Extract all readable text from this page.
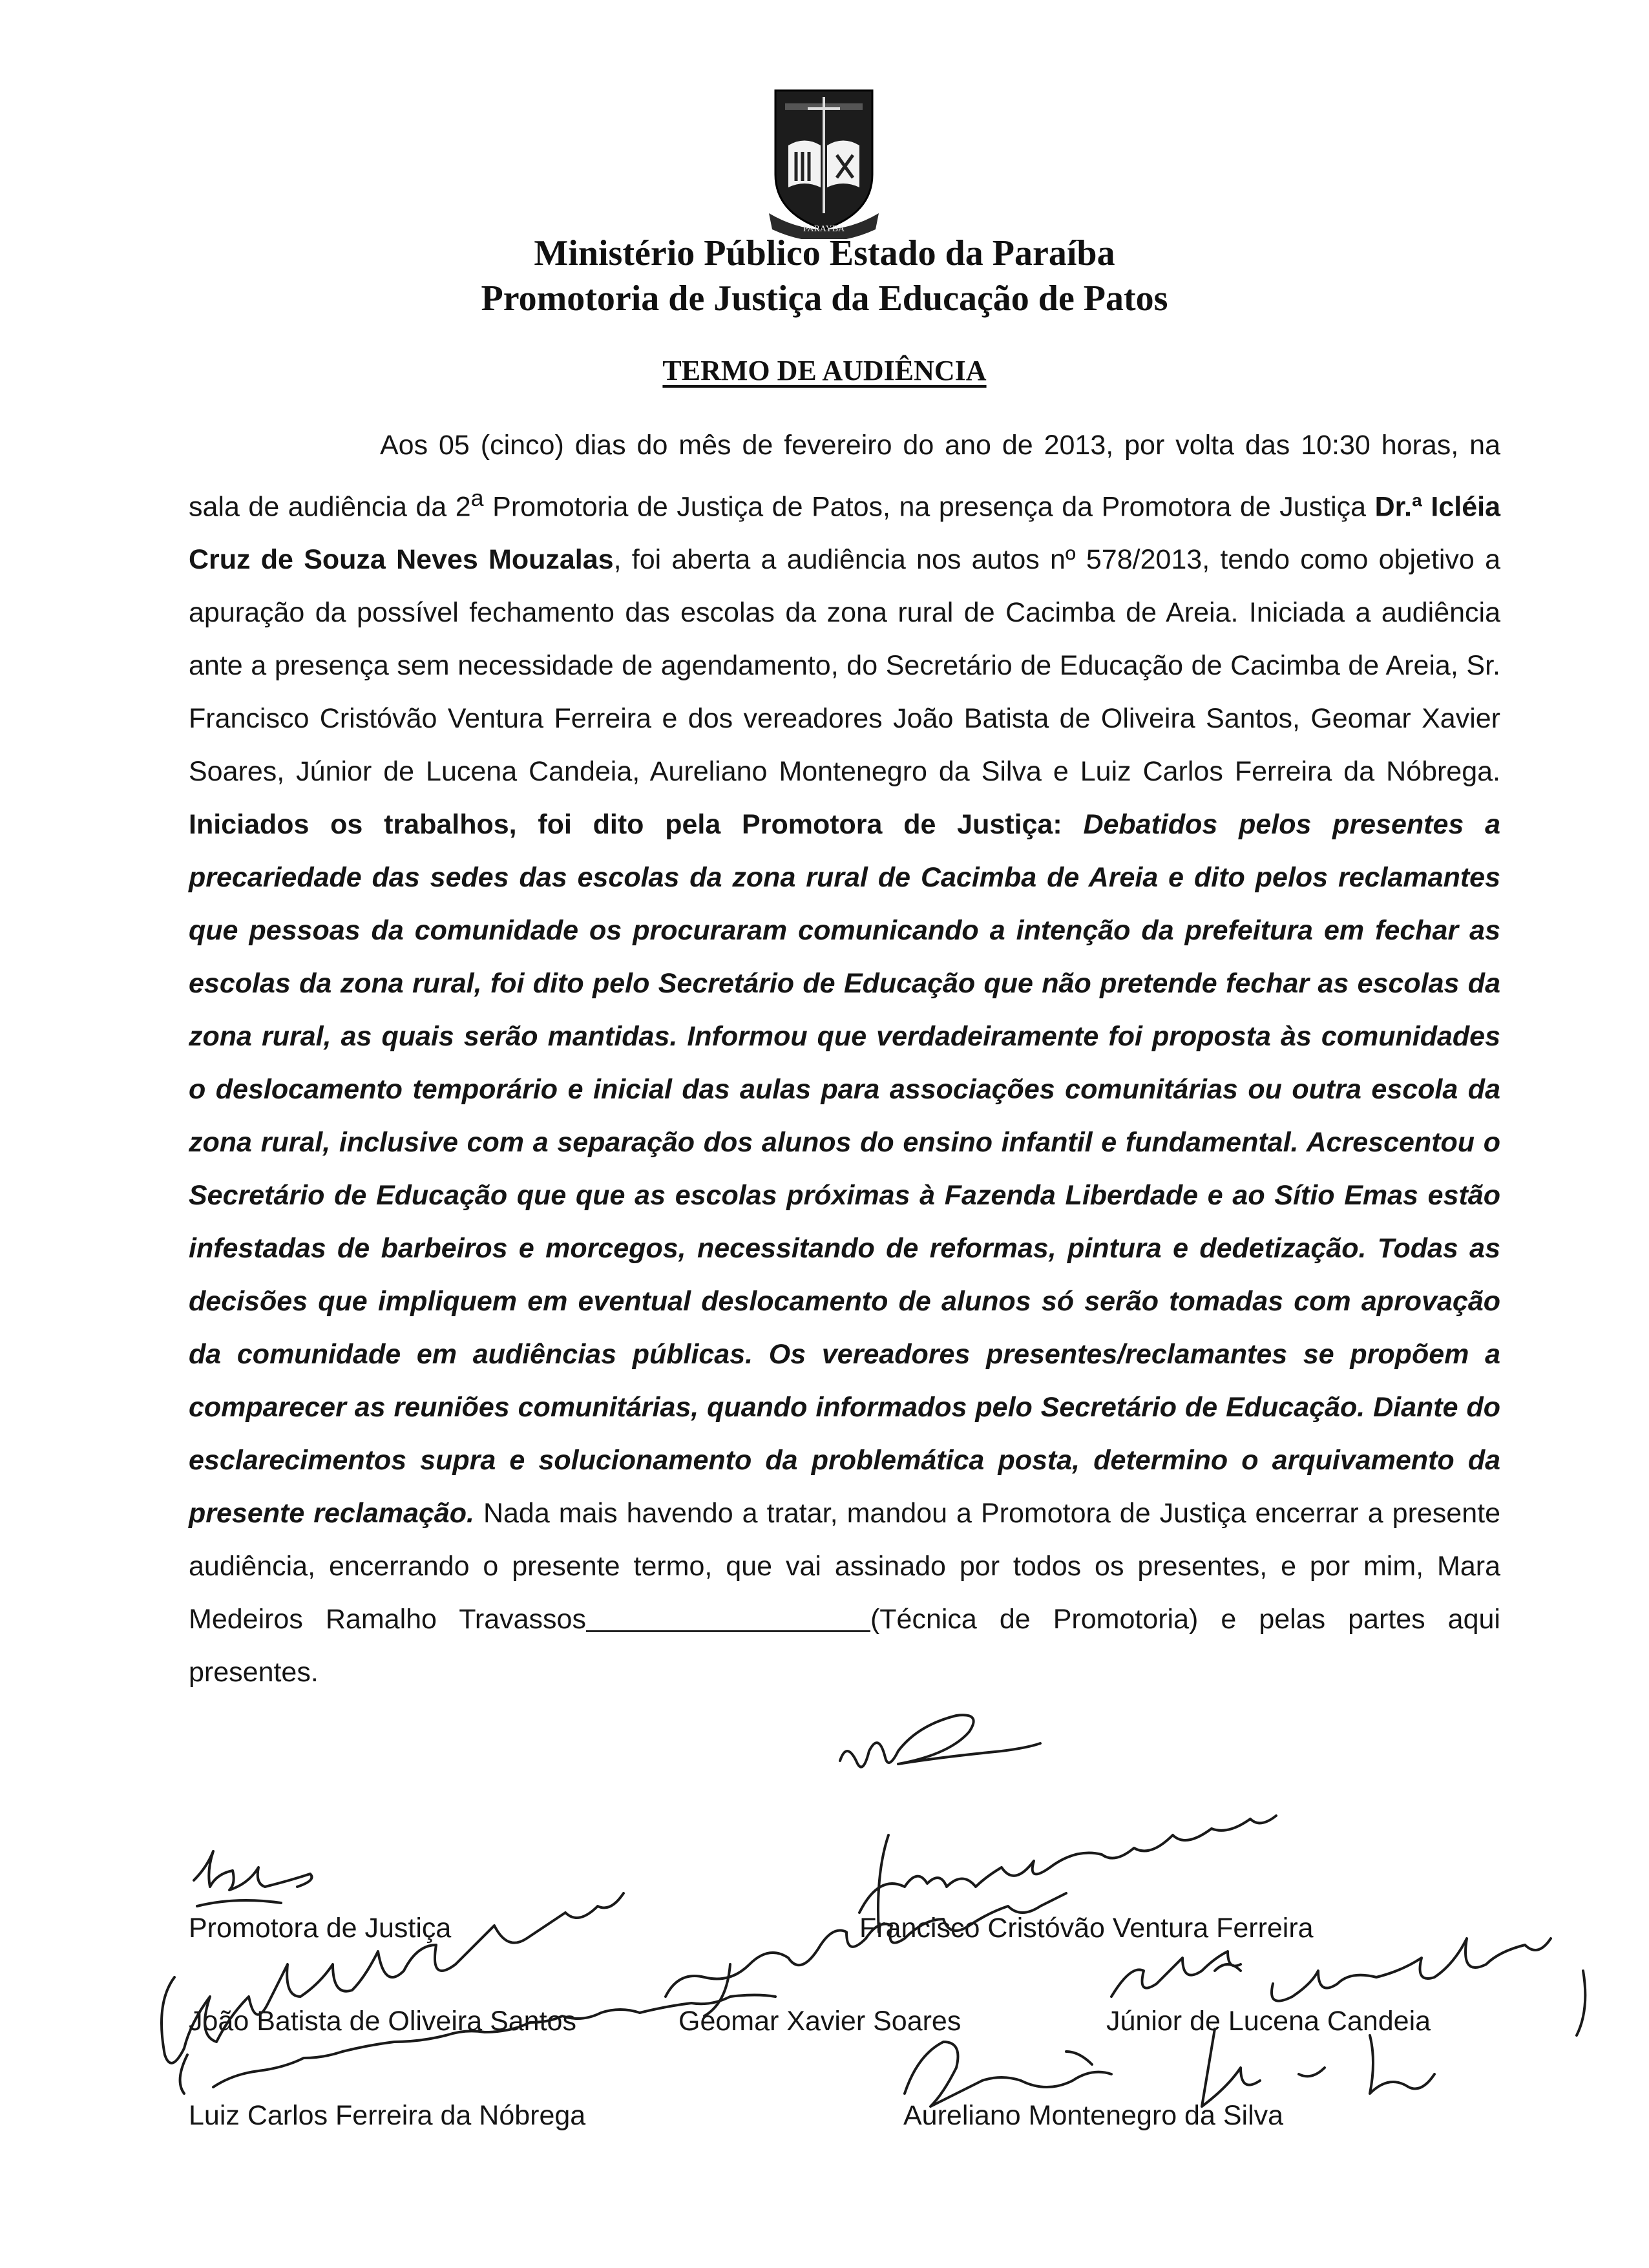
PARAYBA
Ministério Público Estado da Paraíba
Promotoria de Justiça da Educação de Patos
TERMO DE AUDIÊNCIA

Aos 05 (cinco) dias do mês de fevereiro do ano de 2013, por volta das 10:30 horas, na sala de audiência da 2$^a$ Promotoria de Justiça de Patos, na presença da Promotora de Justiça Dr.ª Icléia Cruz de Souza Neves Mouzalas, foi aberta a audiência nos autos nº 578/2013, tendo como objetivo a apuração da possível fechamento das escolas da zona rural de Cacimba de Areia. Iniciada a audiência ante a presença sem necessidade de agendamento, do Secretário de Educação de Cacimba de Areia, Sr. Francisco Cristóvão Ventura Ferreira e dos vereadores João Batista de Oliveira Santos, Geomar Xavier Soares, Júnior de Lucena Candeia, Aureliano Montenegro da Silva e Luiz Carlos Ferreira da Nóbrega. Iniciados os trabalhos, foi dito pela Promotora de Justiça: Debatidos pelos presentes a precariedade das sedes das escolas da zona rural de Cacimba de Areia e dito pelos reclamantes que pessoas da comunidade os procuraram comunicando a intenção da prefeitura em fechar as escolas da zona rural, foi dito pelo Secretário de Educação que não pretende fechar as escolas da zona rural, as quais serão mantidas. Informou que verdadeiramente foi proposta às comunidades o deslocamento temporário e inicial das aulas para associações comunitárias ou outra escola da zona rural, inclusive com a separação dos alunos do ensino infantil e fundamental. Acrescentou o Secretário de Educação que que as escolas próximas à Fazenda Liberdade e ao Sítio Emas estão infestadas de barbeiros e morcegos, necessitando de reformas, pintura e dedetização. Todas as decisões que impliquem em eventual deslocamento de alunos só serão tomadas com aprovação da comunidade em audiências públicas. Os vereadores presentes/reclamantes se propõem a comparecer as reuniões comunitárias, quando informados pelo Secretário de Educação. Diante do esclarecimentos supra e solucionamento da problemática posta, determino o arquivamento da presente reclamação. Nada mais havendo a tratar, mandou a Promotora de Justiça encerrar a presente audiência, encerrando o presente termo, que vai assinado por todos os presentes, e por mim, Mara Medeiros Ramalho Travassos	(Técnica de Promotoria) e pelas partes aqui presentes.

Promotora de Justiça	Francisco Cristóvão Ventura Ferreira
João Batista de Oliveira Santos	Geomar Xavier Soares	Júnior de Lucena Candeia
Luiz Carlos Ferreira da Nóbrega	Aureliano Montenegro da Silva
